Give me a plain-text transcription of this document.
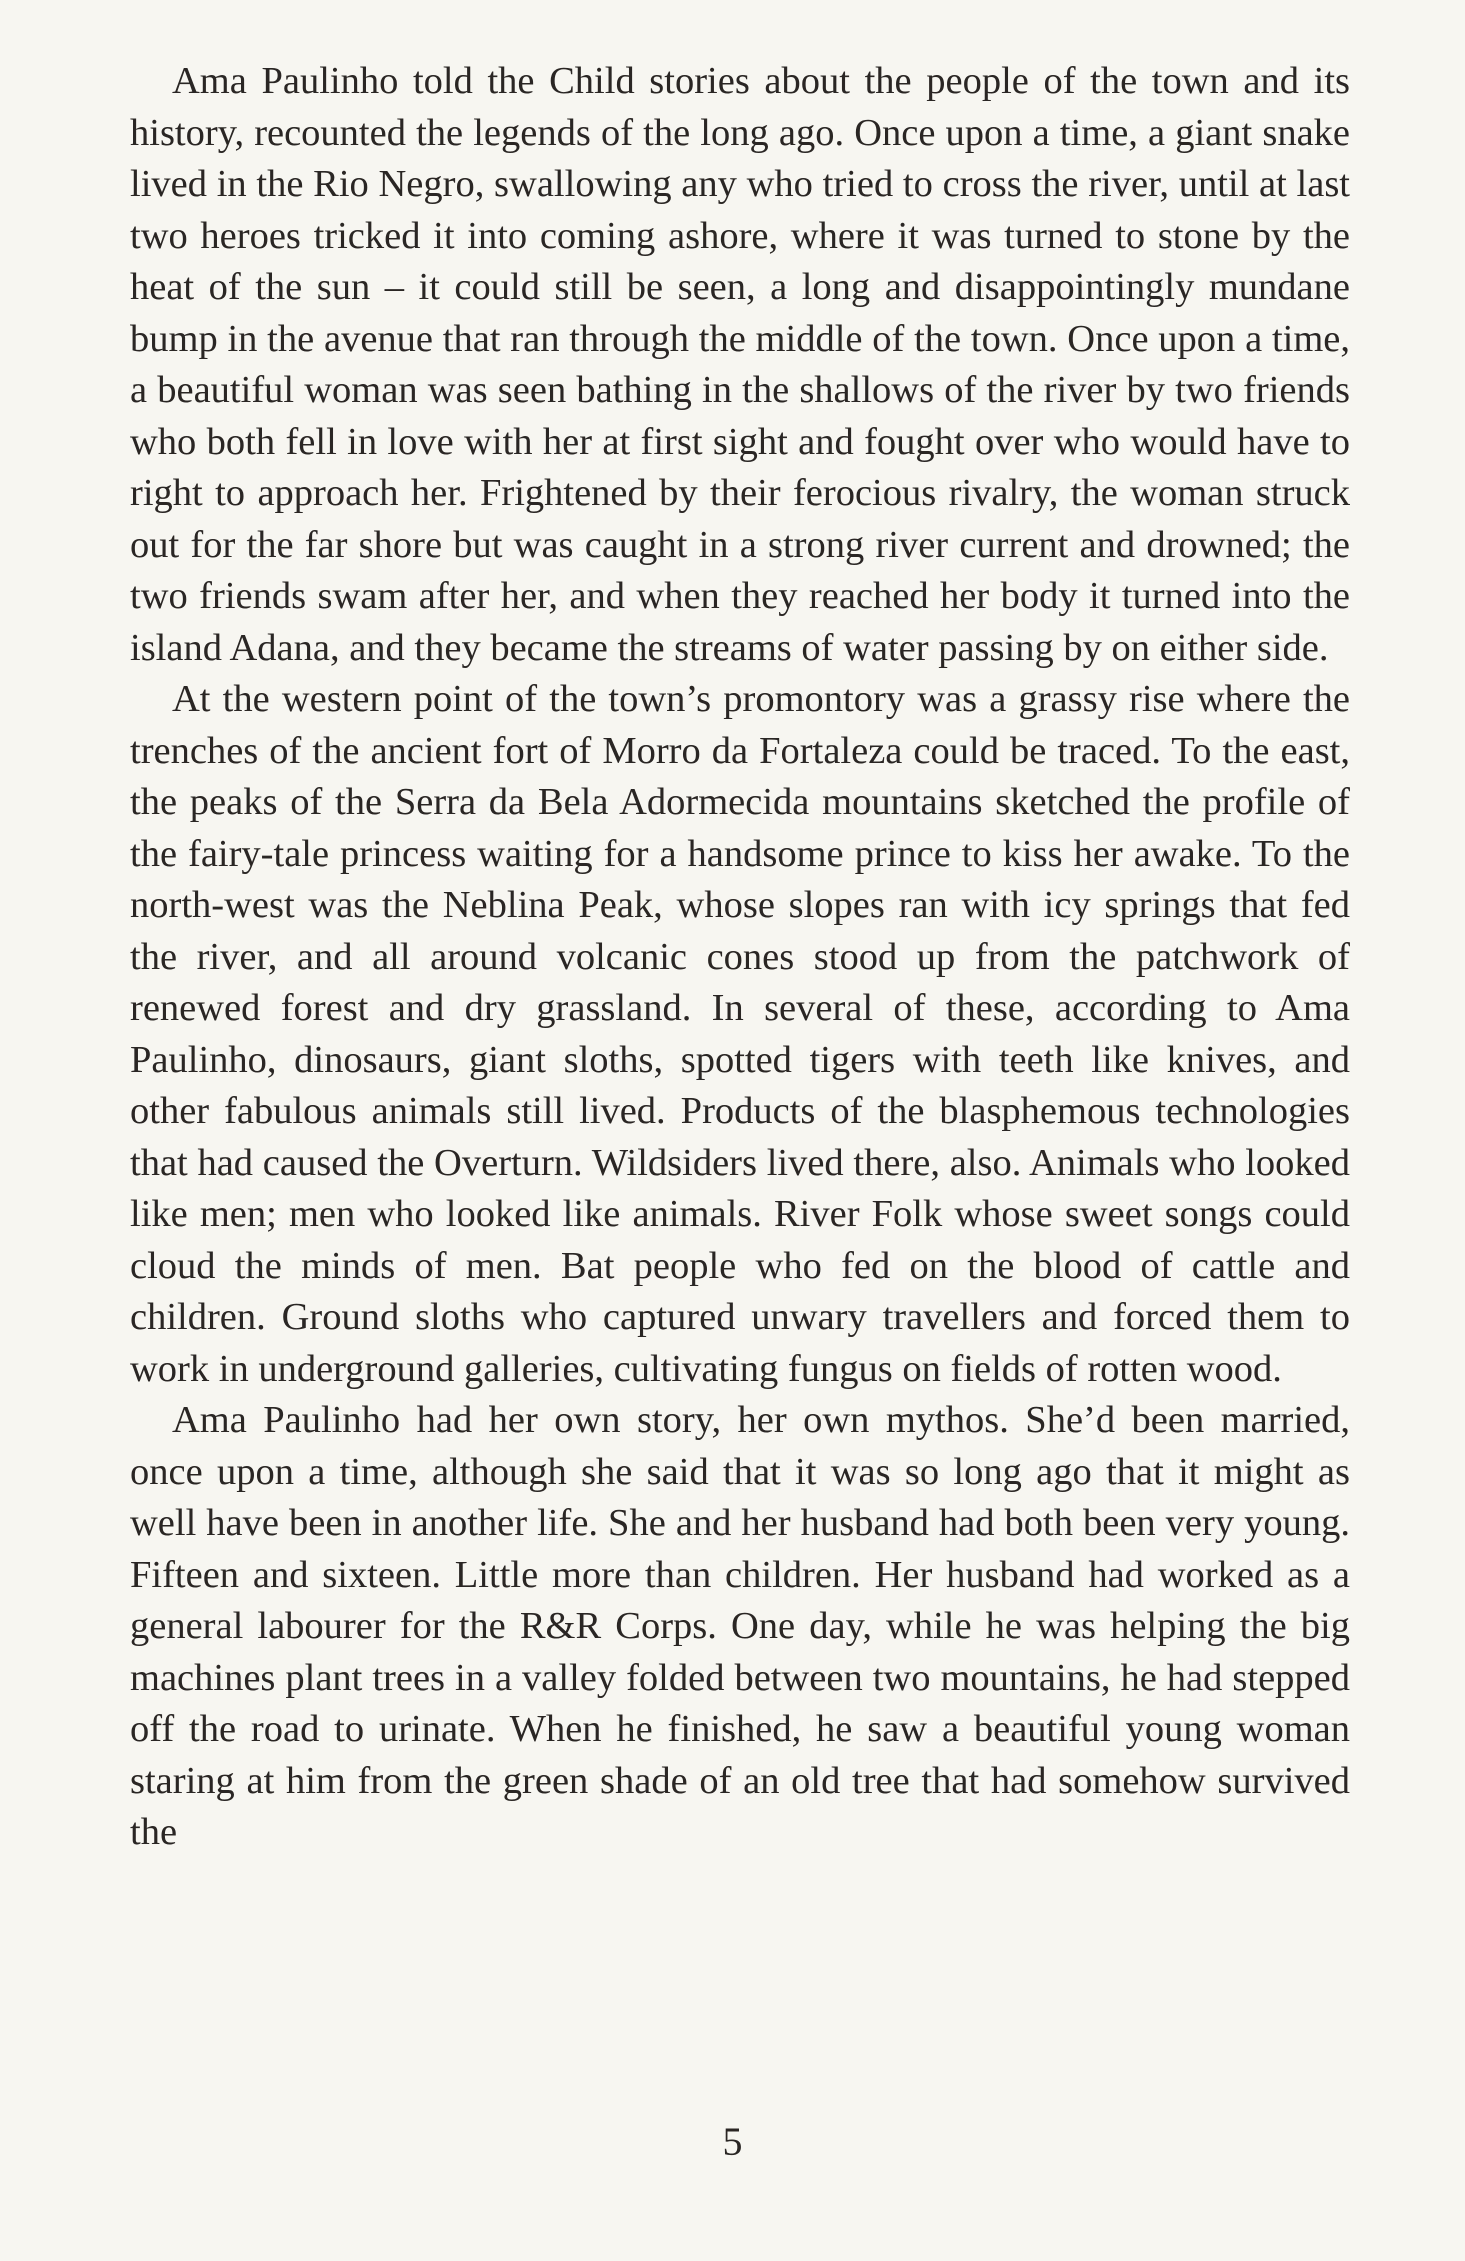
Ama Paulinho told the Child stories about the people of the town and its history, recounted the legends of the long ago. Once upon a time, a giant snake lived in the Rio Negro, swallowing any who tried to cross the river, until at last two heroes tricked it into coming ashore, where it was turned to stone by the heat of the sun – it could still be seen, a long and disappointingly mundane bump in the avenue that ran through the middle of the town. Once upon a time, a beautiful woman was seen bathing in the shallows of the river by two friends who both fell in love with her at first sight and fought over who would have to right to approach her. Frightened by their ferocious rivalry, the woman struck out for the far shore but was caught in a strong river current and drowned; the two friends swam after her, and when they reached her body it turned into the island Adana, and they became the streams of water passing by on either side.

At the western point of the town’s promontory was a grassy rise where the trenches of the ancient fort of Morro da Fortaleza could be traced. To the east, the peaks of the Serra da Bela Adormecida mountains sketched the profile of the fairy-tale princess waiting for a handsome prince to kiss her awake. To the north-west was the Neblina Peak, whose slopes ran with icy springs that fed the river, and all around volcanic cones stood up from the patchwork of renewed forest and dry grassland. In several of these, according to Ama Paulinho, dinosaurs, giant sloths, spotted tigers with teeth like knives, and other fabulous animals still lived. Products of the blasphemous technologies that had caused the Overturn. Wildsiders lived there, also. Animals who looked like men; men who looked like animals. River Folk whose sweet songs could cloud the minds of men. Bat people who fed on the blood of cattle and children. Ground sloths who captured unwary travellers and forced them to work in underground galleries, cultivating fungus on fields of rotten wood.

Ama Paulinho had her own story, her own mythos. She’d been married, once upon a time, although she said that it was so long ago that it might as well have been in another life. She and her husband had both been very young. Fifteen and sixteen. Little more than children. Her husband had worked as a general labourer for the R&R Corps. One day, while he was helping the big machines plant trees in a valley folded between two mountains, he had stepped off the road to urinate. When he finished, he saw a beautiful young woman staring at him from the green shade of an old tree that had somehow survived the

5
